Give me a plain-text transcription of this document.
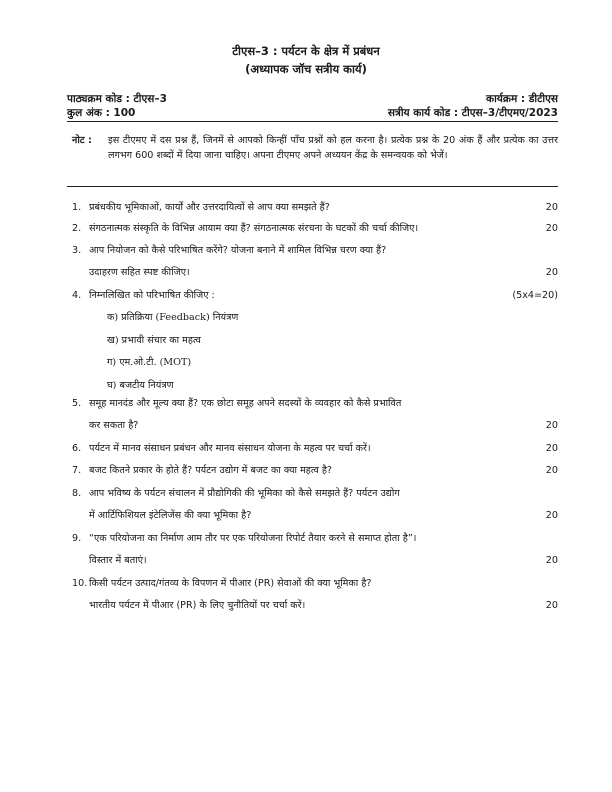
टीएस–3 : पर्यटन के क्षेत्र में प्रबंधन
(अध्यापक जॉच सत्रीय कार्य)
पाठ्यक्रम कोड : टीएस–3	कार्यक्रम : डीटीएस
कुल अंक : 100	सत्रीय कार्य कोड : टीएस–3/टीएमए/2023
नोट : इस टीएमए में दस प्रश्न हैं, जिनमें से आपको किन्हीं पाँच प्रश्नों को हल करना है। प्रत्येक प्रश्न के 20 अंक हैं और प्रत्येक का उत्तर लगभग 600 शब्दों में दिया जाना चाहिए। अपना टीएमए अपने अध्ययन केंद्र के समन्वयक को भेजें।
1. प्रबंधकीय भूमिकाओं, कार्यों और उत्तरदायित्वों से आप क्या समझते हैं?	20
2. संगठनात्मक संस्कृति के विभिन्न आयाम क्या हैं? संगठनात्मक संरचना के घटकों की चर्चा कीजिए।	20
3. आप नियोजन को कैसे परिभाषित करेंगे? योजना बनाने में शामिल विभिन्न चरण क्या हैं?
उदाहरण सहित स्पष्ट कीजिए।	20
4. निम्नलिखित को परिभाषित कीजिए :	(5x4=20)
क) प्रतिक्रिया (Feedback) नियंत्रण
ख) प्रभावी संचार का महत्व
ग) एम.ओ.टी. (MOT)
घ) बजटीय नियंत्रण
5. समूह मानदंड और मूल्य क्या हैं? एक छोटा समूह अपने सदस्यों के व्यवहार को कैसे प्रभावित
कर सकता है?	20
6. पर्यटन में मानव संसाधन प्रबंधन और मानव संसाधन योजना के महत्व पर चर्चा करें।	20
7. बजट कितने प्रकार के होते हैं? पर्यटन उद्योग में बजट का क्या महत्व है?	20
8. आप भविष्य के पर्यटन संचालन में प्रौद्योगिकी की भूमिका को कैसे समझते हैं? पर्यटन उद्योग
में आर्टिफिशियल इंटेलिजेंस की क्या भूमिका है?	20
9. “एक परियोजना का निर्माण आम तौर पर एक परियोजना रिपोर्ट तैयार करने से समाप्त होता है”।
विस्तार में बताएं।	20
10. किसी पर्यटन उत्पाद/गंतव्य के विपणन में पीआर (PR) सेवाओं की क्या भूमिका है?
भारतीय पर्यटन में पीआर (PR) के लिए चुनौतियों पर चर्चा करें।	20
